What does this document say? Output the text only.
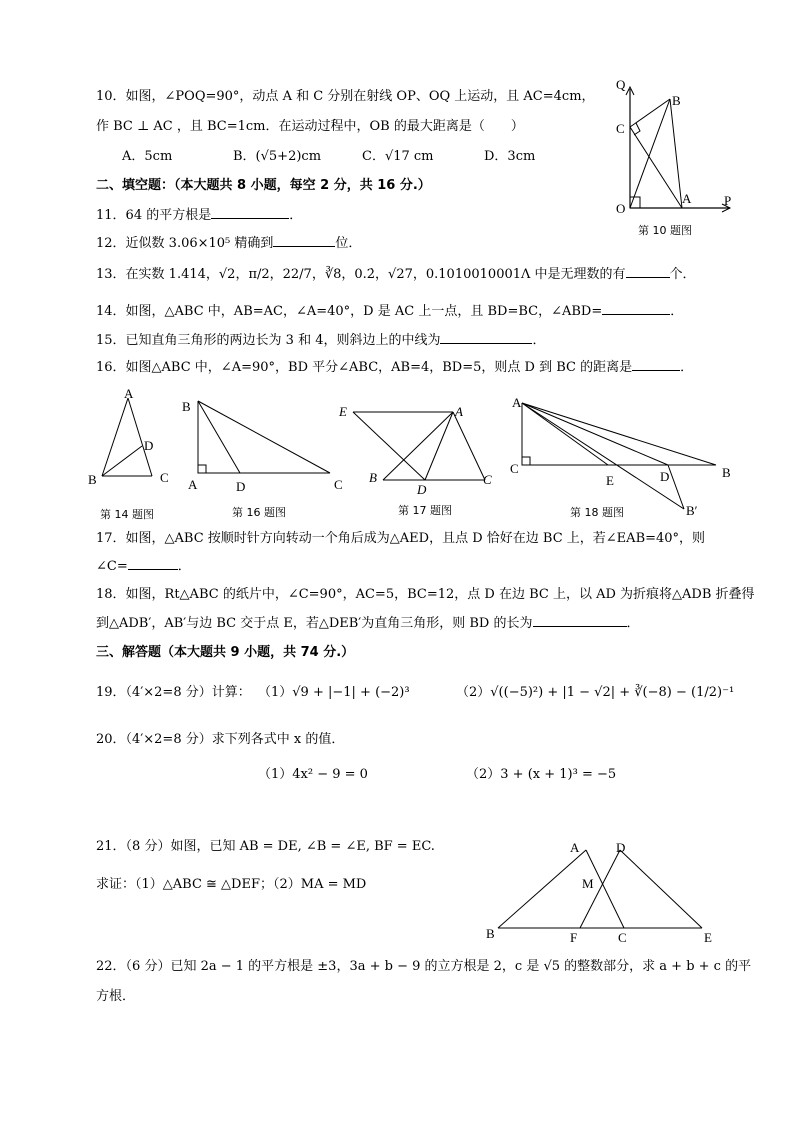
10．如图，∠POQ=90°，动点 A 和 C 分别在射线 OP、OQ 上运动，且 AC=4cm，
作 BC ⊥ AC ，且 BC=1cm．在运动过程中，OB 的最大距离是（　　）
A．5cm	B．(√5+2)cm	C．√17 cm	D．3cm
Q
B
C
O
A	P
第 10 题图
二、填空题：（本大题共 8 小题，每空 2 分，共 16 分.）
11．64 的平方根是	．
12．近似数 3.06×10⁵ 精确到	位．
13．在实数 1.414，√2，π/2，22/7，∛8，0.2̇，√27，0.1010010001Λ 中是无理数的有	个．
14．如图，△ABC 中，AB=AC，∠A=40°，D 是 AC 上一点，且 BD=BC，∠ABD=	．
15．已知直角三角形的两边长为 3 和 4，则斜边上的中线为	．
16．如图△ABC 中，∠A=90°，BD 平分∠ABC，AB=4，BD=5，则点 D 到 BC 的距离是	．
A
B	C
D
第 14 题图
B
A	D	C
第 16 题图
E	A
B
D
C
第 17 题图
A
C
E	D	B
B′
第 18 题图
17．如图，△ABC 按顺时针方向转动一个角后成为△AED，且点 D 恰好在边 BC 上，若∠EAB=40°，则
∠C=	．
18．如图，Rt△ABC 的纸片中，∠C=90°，AC=5，BC=12，点 D 在边 BC 上，以 AD 为折痕将△ADB 折叠得
到△ADB′，AB′与边 BC 交于点 E，若△DEB′为直角三角形，则 BD 的长为	．
三、解答题（本大题共 9 小题，共 74 分.）
19．（4′×2=8 分）计算： （1）√9 + |−1| + (−2)³	（2）√((−5)²) + |1 − √2| + ∛(−8) − (1/2)⁻¹
20．（4′×2=8 分）求下列各式中 x 的值．
（1）4x² − 9 = 0	（2）3 + (x + 1)³ = −5
21．（8 分）如图，已知 AB = DE, ∠B = ∠E, BF = EC.
求证：（1）△ABC ≅ △DEF；（2）MA = MD
A	D
M
B	F	C	E
22．（6 分）已知 2a − 1 的平方根是 ±3，3a + b − 9 的立方根是 2，c 是 √5 的整数部分，求 a + b + c 的平
方根．
